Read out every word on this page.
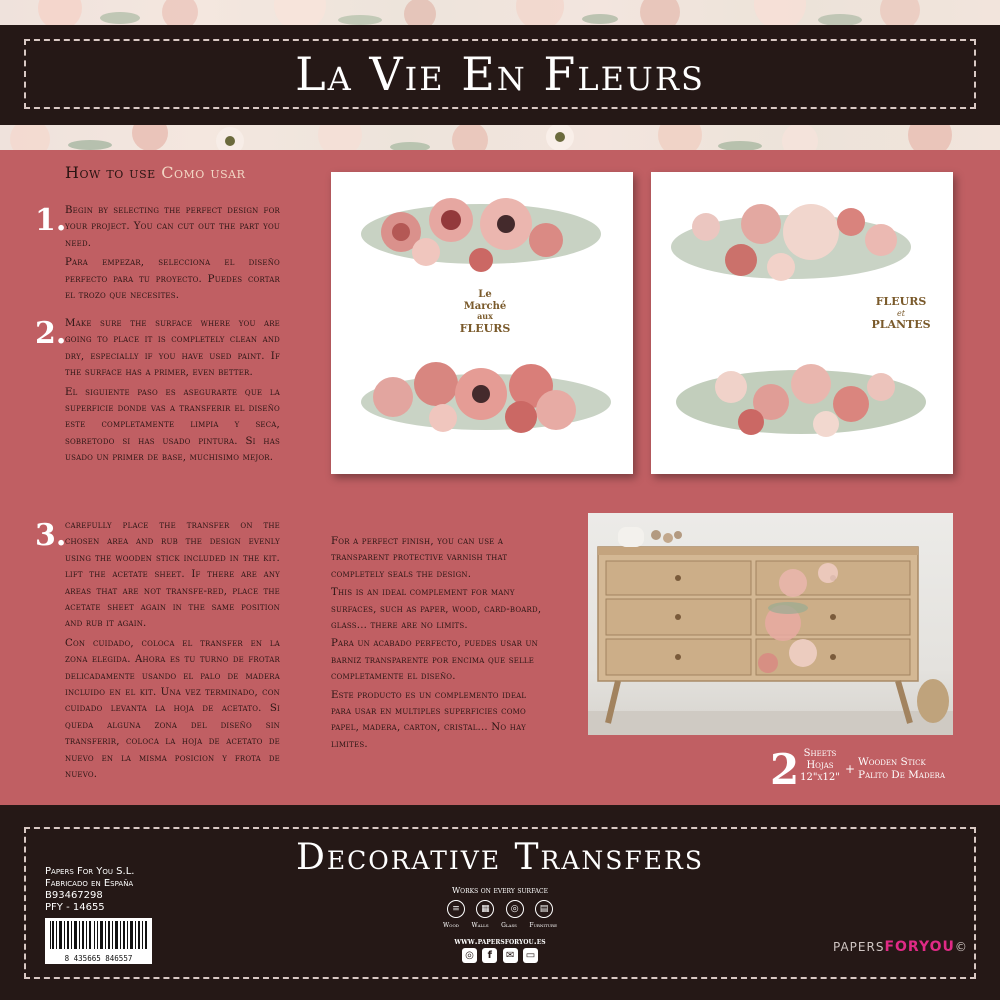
La Vie En Fleurs
How to use Como usar
1.

Begin by selecting the perfect design for your project. You can cut out the part you need.

Para empezar, selecciona el diseño perfecto para tu proyecto. Puedes cortar el trozo que necesites.

2.

Make sure the surface where you are going to place it is completely clean and dry, especially if you have used paint. If the surface has a primer, even better.

El siguiente paso es asegurarte que la superficie donde vas a transferir el diseño este completamente limpia y seca, sobretodo si has usado pintura. Si has usado un primer de base, muchisimo mejor.

3.

carefully place the transfer on the chosen area and rub the design evenly using the wooden stick included in the kit. lift the acetate sheet. If there are any areas that are not transfe-red, place the acetate sheet again in the same position and rub it again.

Con cuidado, coloca el transfer en la zona elegida. Ahora es tu turno de frotar delicadamente usando el palo de madera incluido en el kit. Una vez terminado, con cuidado levanta la hoja de acetato. Si queda alguna zona del diseño sin transferir, coloca la hoja de acetato de nuevo en la misma posicion y frota de nuevo.

For a perfect finish, you can use a transparent protective varnish that completely seals the design.

This is an ideal complement for many surfaces, such as paper, wood, card-board, glass... there are no limits.

Para un acabado perfecto, puedes usar un barniz transparente por encima que selle completamente el diseño.

Este producto es un complemento ideal para usar en multiples superficies como papel, madera, carton, cristal... No hay limites.

Le
Marché
aux
FLEURS
FLEURS
et
PLANTES
2 Sheets
Hojas
12"x12"
+ Wooden Stick
Palito De Madera
Decorative Transfers
Papers For You S.L.
Fabricado en España
B93467298
PFY - 14655
8 435665 846557
Works on every surface
≡	▦	◎	▤
Wood Walls Glass Furniture
www.papersforyou.es
◎	f	✉	▭
PAPERSFORYOU©
